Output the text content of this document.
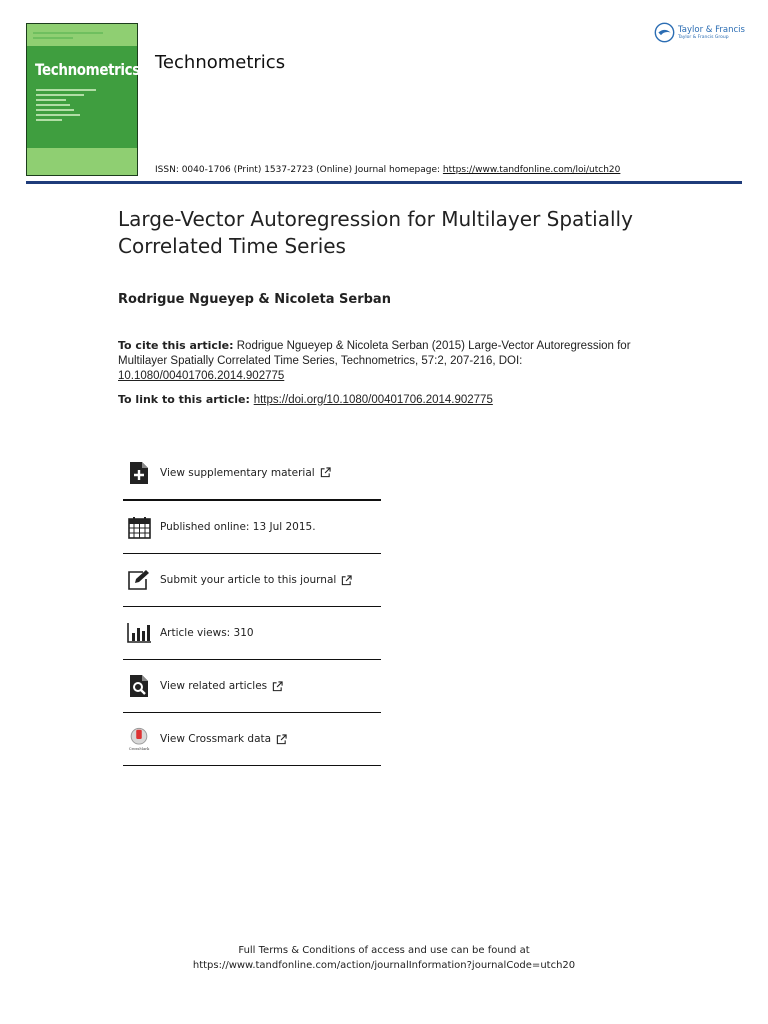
Technometrics Technometrics
ISSN: 0040-1706 (Print) 1537-2723 (Online) Journal homepage: https://www.tandfonline.com/loi/utch20
Taylor & Francis
Taylor & Francis Group
Large-Vector Autoregression for Multilayer Spatially Correlated Time Series
Rodrigue Ngueyep & Nicoleta Serban
To cite this article: Rodrigue Ngueyep & Nicoleta Serban (2015) Large-Vector Autoregression for Multilayer Spatially Correlated Time Series, Technometrics, 57:2, 207-216, DOI: 10.1080/00401706.2014.902775
To link to this article: https://doi.org/10.1080/00401706.2014.902775
View supplementary material
Published online: 13 Jul 2015.
Submit your article to this journal
Article views: 310
View related articles
CrossMark
View Crossmark data
Full Terms & Conditions of access and use can be found at
https://www.tandfonline.com/action/journalInformation?journalCode=utch20
